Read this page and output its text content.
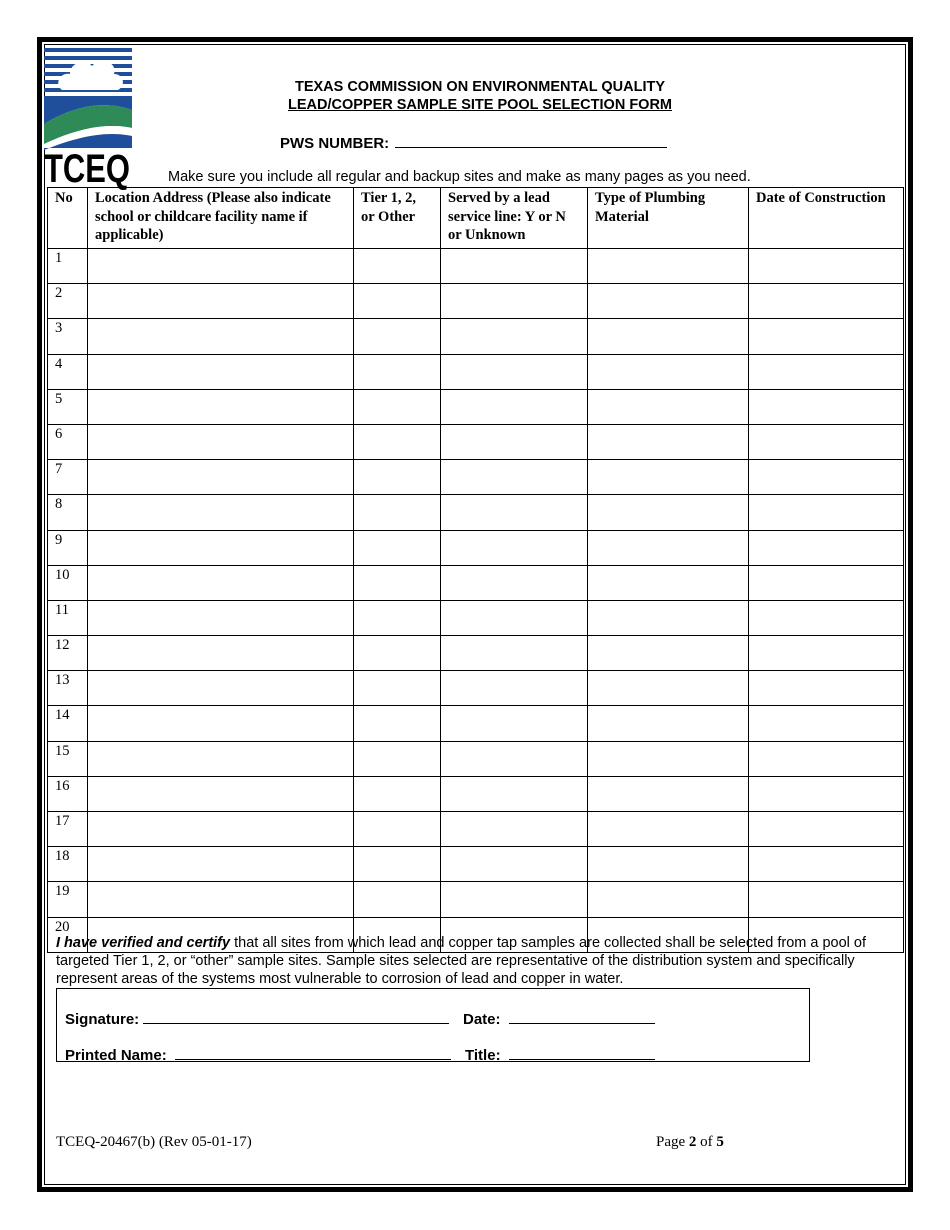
TCEQ
TEXAS COMMISSION ON ENVIRONMENTAL QUALITY
LEAD/COPPER SAMPLE SITE POOL SELECTION FORM
PWS NUMBER:
Make sure you include all regular and backup sites and make as many pages as you need.
No	Location Address (Please also indicate school or childcare facility name if applicable)	Tier 1, 2, or Other	Served by a lead service line: Y or N or Unknown	Type of Plumbing Material	Date of Construction
1					
2					
3					
4					
5					
6					
7					
8					
9					
10					
11					
12					
13					
14					
15					
16					
17					
18					
19					
20					
I have verified and certify that all sites from which lead and copper tap samples are collected shall be selected from a pool of targeted Tier 1, 2, or “other” sample sites. Sample sites selected are representative of the distribution system and specifically represent areas of the systems most vulnerable to corrosion of lead and copper in water.
Signature:	Date:
Printed Name:	Title:
TCEQ-20467(b) (Rev 05-01-17)	Page 2 of 5
